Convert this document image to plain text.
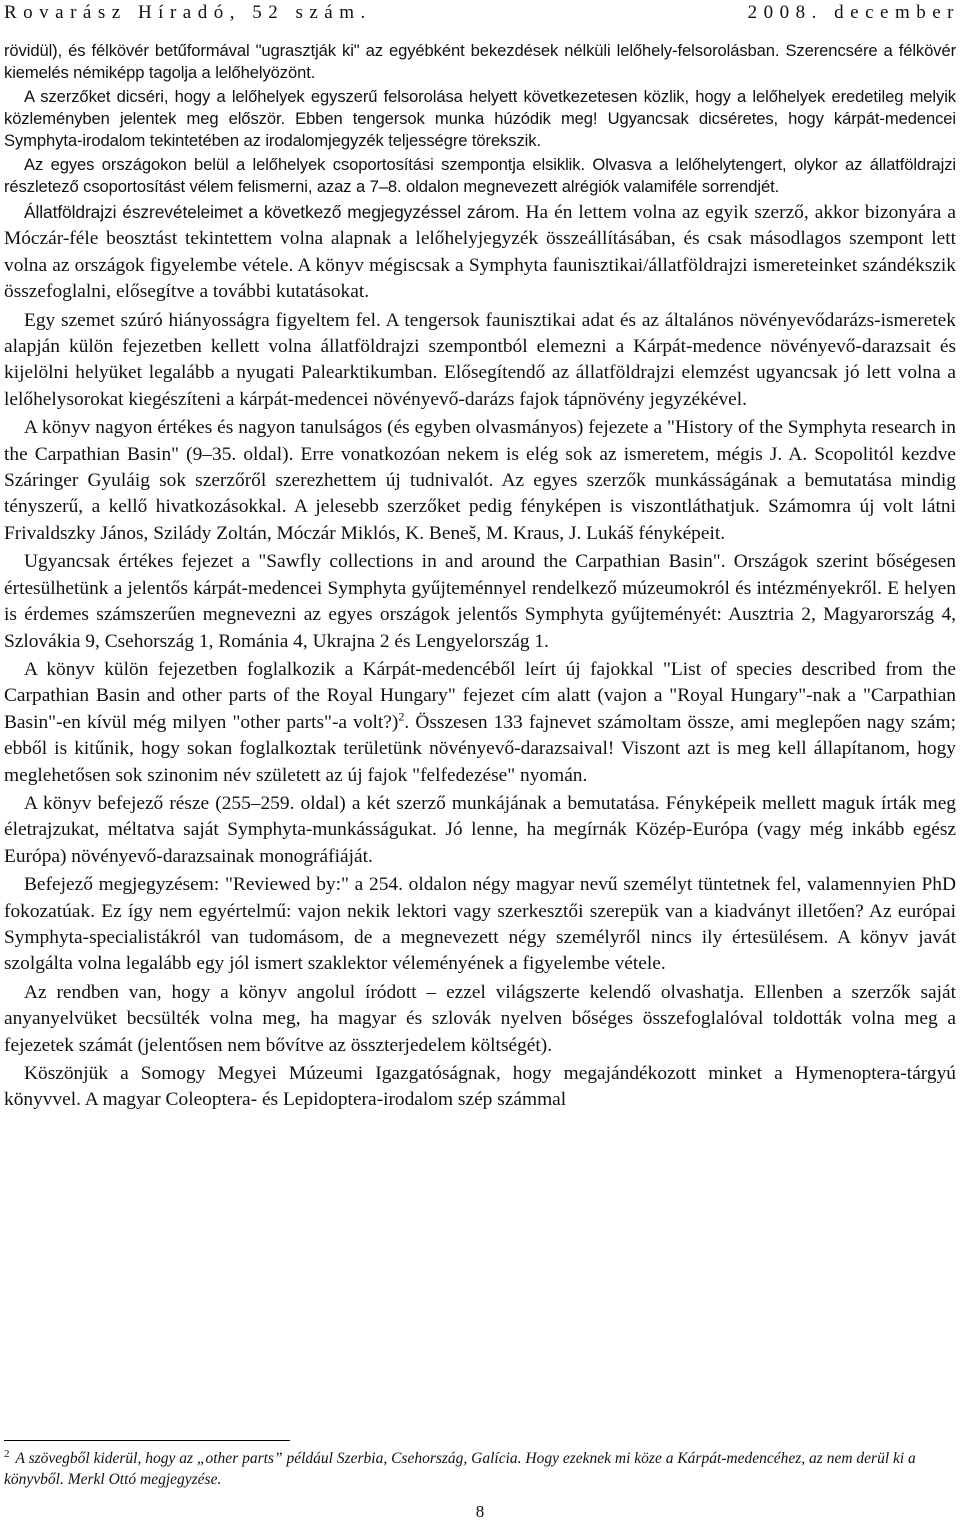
Rovarász Híradó, 52 szám.	2008. december

rövidül), és félkövér betűformával "ugrasztják ki" az egyébként bekezdések nélküli lelőhely-felsorolásban. Szerencsére a félkövér kiemelés némiképp tagolja a lelőhelyözönt.

A szerzőket dicséri, hogy a lelőhelyek egyszerű felsorolása helyett következetesen közlik, hogy a lelőhelyek eredetileg melyik közleményben jelentek meg először. Ebben tengersok munka húzódik meg! Ugyancsak dicséretes, hogy kárpát-medencei Symphyta-irodalom tekintetében az irodalomjegyzék teljességre törekszik.

Az egyes országokon belül a lelőhelyek csoportosítási szempontja elsiklik. Olvasva a lelőhelytengert, olykor az állatföldrajzi részletező csoportosítást vélem felismerni, azaz a 7–8. oldalon megnevezett alrégiók valamiféle sorrendjét.

Állatföldrajzi észrevételeimet a következő megjegyzéssel zárom. Ha én lettem volna az egyik szerző, akkor bizonyára a Móczár-féle beosztást tekintettem volna alapnak a lelőhelyjegyzék összeállításában, és csak másodlagos szempont lett volna az országok figyelembe vétele. A könyv mégiscsak a Symphyta faunisztikai/állatföldrajzi ismereteinket szándékszik összefoglalni, elősegítve a további kutatásokat.

Egy szemet szúró hiányosságra figyeltem fel. A tengersok faunisztikai adat és az általános növényevődarázs-ismeretek alapján külön fejezetben kellett volna állatföldrajzi szempontból elemezni a Kárpát-medence növényevő-darazsait és kijelölni helyüket legalább a nyugati Palearktikumban. Elősegítendő az állatföldrajzi elemzést ugyancsak jó lett volna a lelőhelysorokat kiegészíteni a kárpát-medencei növényevő-darázs fajok tápnövény jegyzékével.

A könyv nagyon értékes és nagyon tanulságos (és egyben olvasmányos) fejezete a "History of the Symphyta research in the Carpathian Basin" (9–35. oldal). Erre vonatkozóan nekem is elég sok az ismeretem, mégis J. A. Scopolitól kezdve Száringer Gyuláig sok szerzőről szerezhettem új tudnivalót. Az egyes szerzők munkásságának a bemutatása mindig tényszerű, a kellő hivatkozásokkal. A jelesebb szerzőket pedig fényképen is viszontláthatjuk. Számomra új volt látni Frivaldszky János, Szilády Zoltán, Móczár Miklós, K. Beneš, M. Kraus, J. Lukáš fényképeit.

Ugyancsak értékes fejezet a "Sawfly collections in and around the Carpathian Basin". Országok szerint bőségesen értesülhetünk a jelentős kárpát-medencei Symphyta gyűjteménnyel rendelkező múzeumokról és intézményekről. E helyen is érdemes számszerűen megnevezni az egyes országok jelentős Symphyta gyűjteményét: Ausztria 2, Magyarország 4, Szlovákia 9, Csehország 1, Románia 4, Ukrajna 2 és Lengyelország 1.

A könyv külön fejezetben foglalkozik a Kárpát-medencéből leírt új fajokkal "List of species described from the Carpathian Basin and other parts of the Royal Hungary" fejezet cím alatt (vajon a "Royal Hungary"-nak a "Carpathian Basin"-en kívül még milyen "other parts"-a volt?)$^2$. Összesen 133 fajnevet számoltam össze, ami meglepően nagy szám; ebből is kitűnik, hogy sokan foglalkoztak területünk növényevő-darazsaival! Viszont azt is meg kell állapítanom, hogy meglehetősen sok szinonim név született az új fajok "felfedezése" nyomán.

A könyv befejező része (255–259. oldal) a két szerző munkájának a bemutatása. Fényképeik mellett maguk írták meg életrajzukat, méltatva saját Symphyta-munkásságukat. Jó lenne, ha megírnák Közép-Európa (vagy még inkább egész Európa) növényevő-darazsainak monográfiáját.

Befejező megjegyzésem: "Reviewed by:" a 254. oldalon négy magyar nevű személyt tüntetnek fel, valamennyien PhD fokozatúak. Ez így nem egyértelmű: vajon nekik lektori vagy szerkesztői szerepük van a kiadványt illetően? Az európai Symphyta-specialistákról van tudomásom, de a megnevezett négy személyről nincs ily értesülésem. A könyv javát szolgálta volna legalább egy jól ismert szaklektor véleményének a figyelembe vétele.

Az rendben van, hogy a könyv angolul íródott – ezzel világszerte kelendő olvashatja. Ellenben a szerzők saját anyanyelvüket becsülték volna meg, ha magyar és szlovák nyelven bőséges összefoglalóval toldották volna meg a fejezetek számát (jelentősen nem bővítve az összterjedelem költségét).

Köszönjük a Somogy Megyei Múzeumi Igazgatóságnak, hogy megajándékozott minket a Hymenoptera-tárgyú könyvvel. A magyar Coleoptera- és Lepidoptera-irodalom szép számmal

$^2$ A szövegből kiderül, hogy az „other parts” például Szerbia, Csehország, Galícia. Hogy ezeknek mi köze a Kárpát-medencéhez, az nem derül ki a könyvből. Merkl Ottó megjegyzése.
8
